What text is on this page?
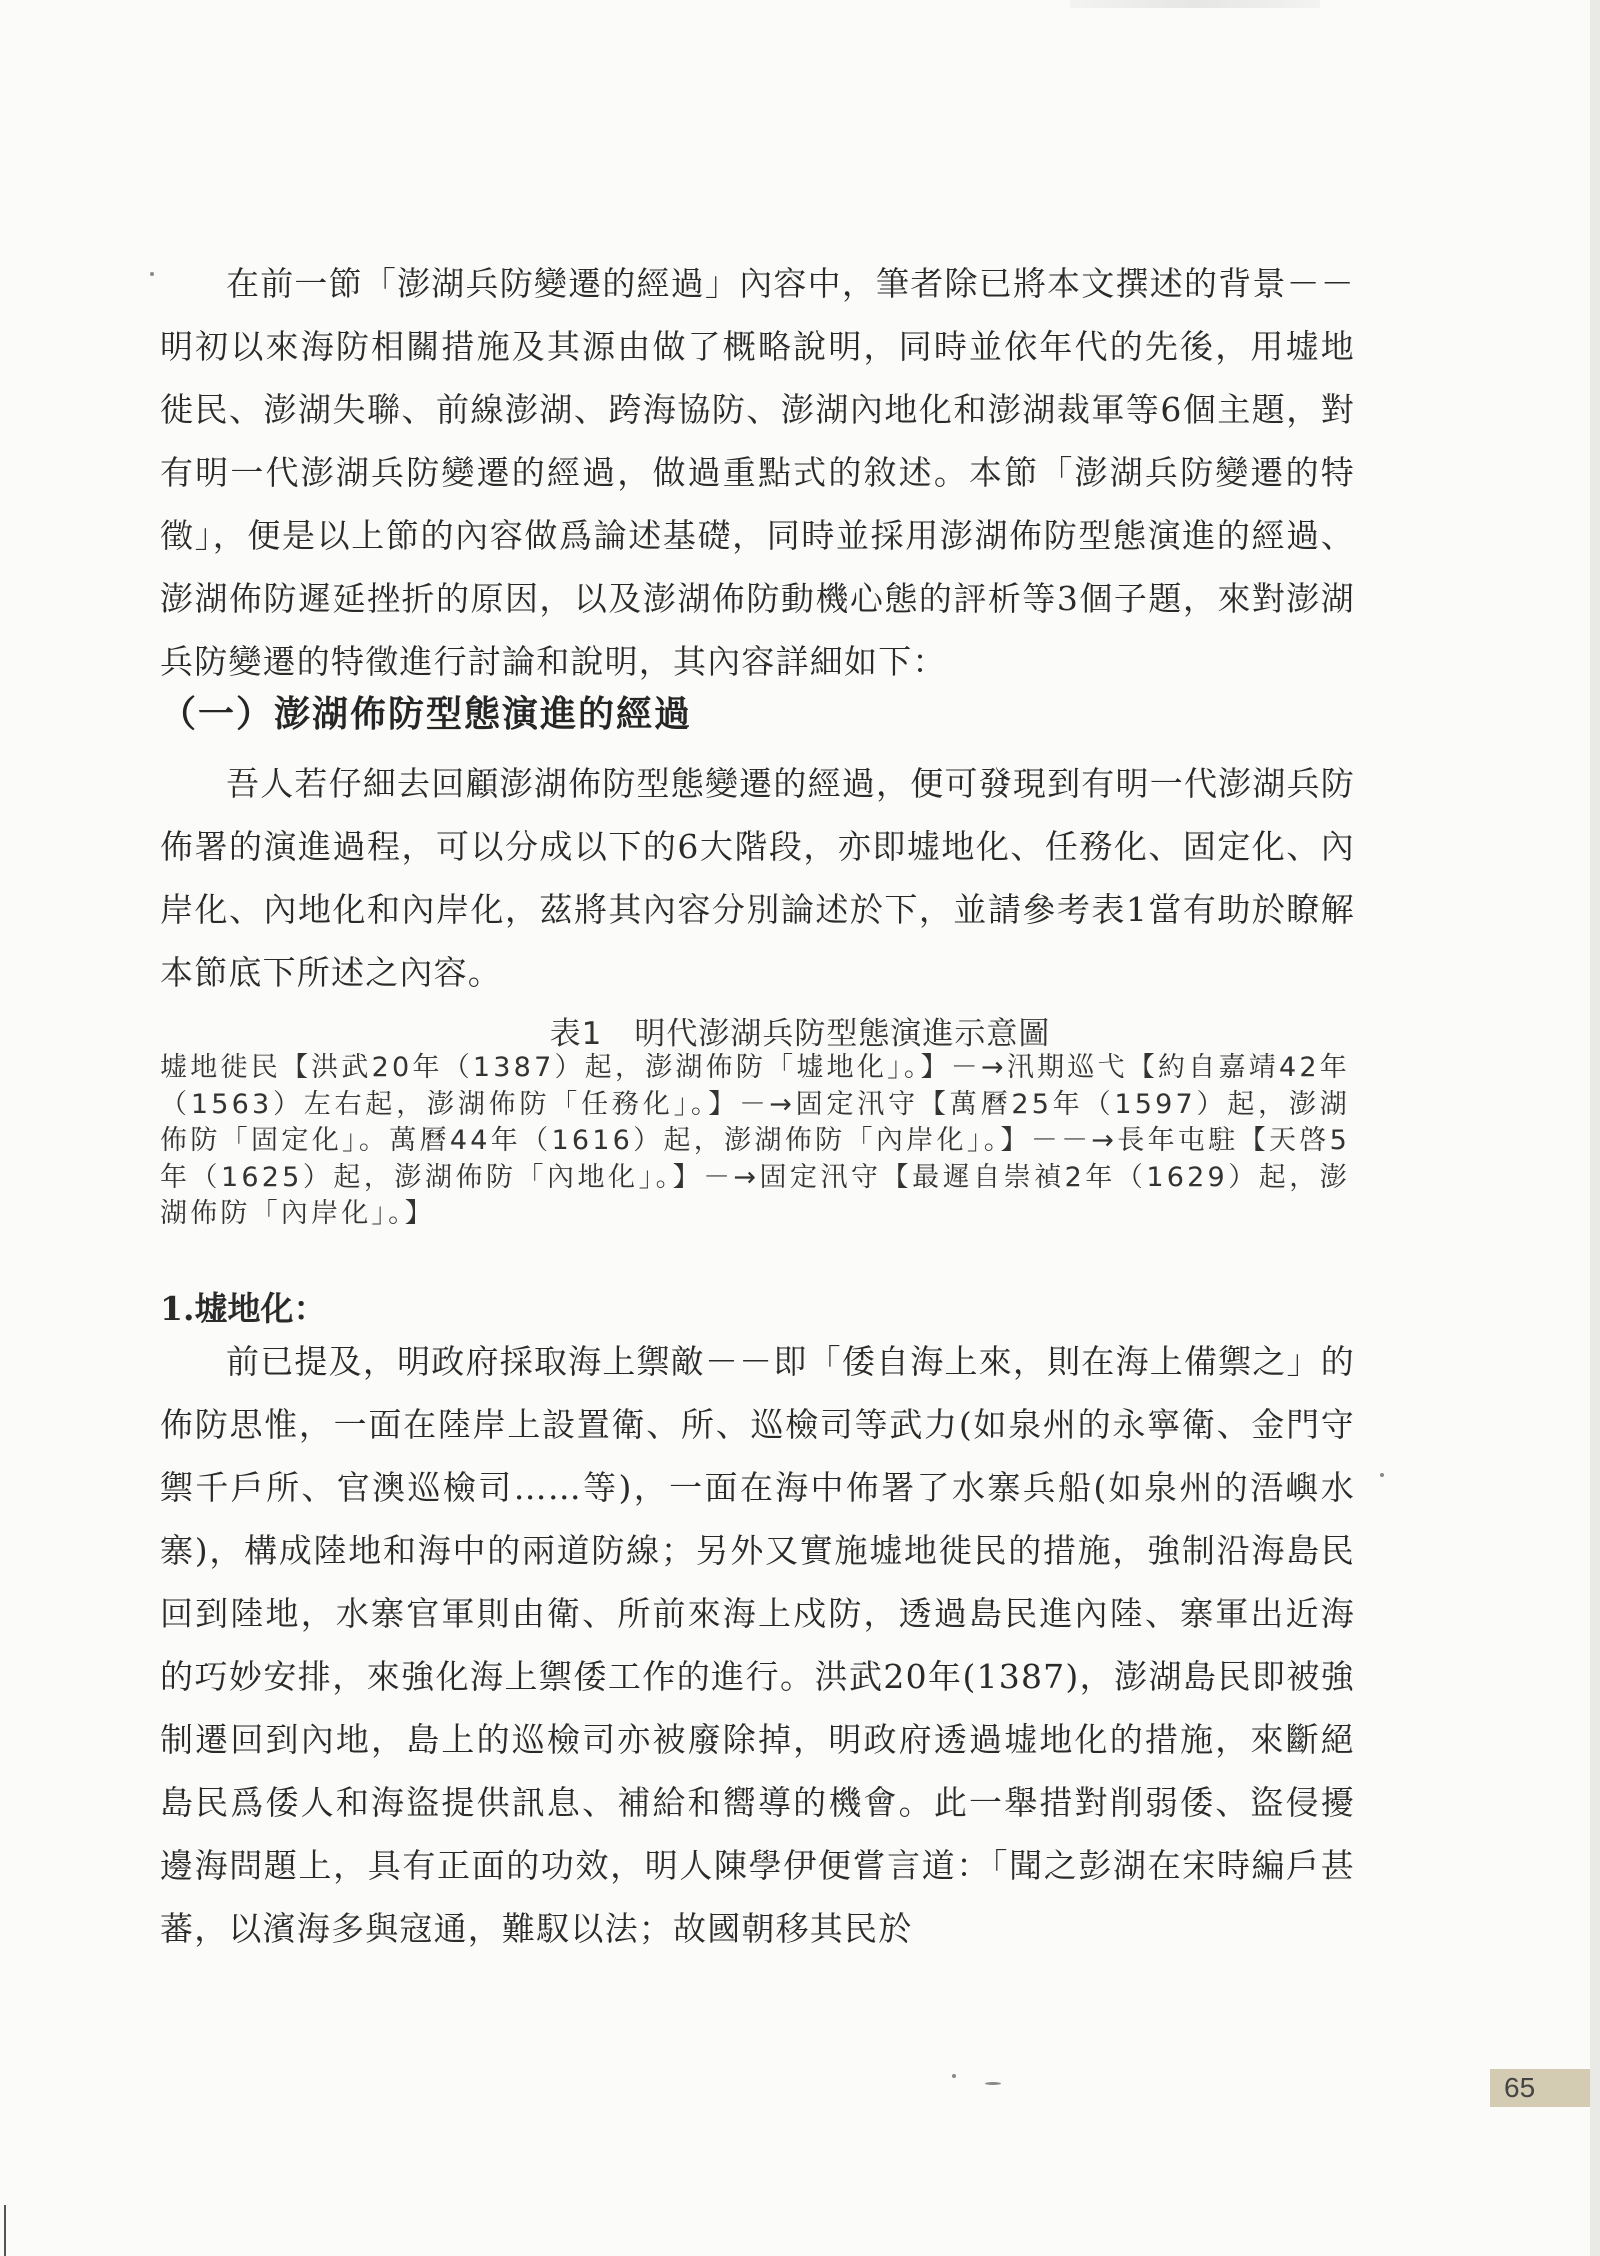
在前一節「澎湖兵防變遷的經過」內容中，筆者除已將本文撰述的背景－－明初以來海防相關措施及其源由做了概略說明，同時並依年代的先後，用墟地徙民、澎湖失聯、前線澎湖、跨海協防、澎湖內地化和澎湖裁軍等6個主題，對有明一代澎湖兵防變遷的經過，做過重點式的敘述。本節「澎湖兵防變遷的特徵」，便是以上節的內容做爲論述基礎，同時並採用澎湖佈防型態演進的經過、澎湖佈防遲延挫折的原因，以及澎湖佈防動機心態的評析等3個子題，來對澎湖兵防變遷的特徵進行討論和說明，其內容詳細如下：

（一）澎湖佈防型態演進的經過

吾人若仔細去回顧澎湖佈防型態變遷的經過，便可發現到有明一代澎湖兵防佈署的演進過程，可以分成以下的6大階段，亦即墟地化、任務化、固定化、內岸化、內地化和內岸化，茲將其內容分別論述於下，並請參考表1當有助於瞭解本節底下所述之內容。

表1　明代澎湖兵防型態演進示意圖

墟地徙民【洪武20年（1387）起，澎湖佈防「墟地化」。】－→汛期巡弋【約自嘉靖42年（1563）左右起，澎湖佈防「任務化」。】－→固定汛守【萬曆25年（1597）起，澎湖佈防「固定化」。萬曆44年（1616）起，澎湖佈防「內岸化」。】－－→長年屯駐【天啓5年（1625）起，澎湖佈防「內地化」。】－→固定汛守【最遲自崇禎2年（1629）起，澎湖佈防「內岸化」。】

1.墟地化：

前已提及，明政府採取海上禦敵－－即「倭自海上來，則在海上備禦之」的佈防思惟，一面在陸岸上設置衛、所、巡檢司等武力(如泉州的永寧衛、金門守禦千戶所、官澳巡檢司……等)，一面在海中佈署了水寨兵船(如泉州的浯嶼水寨)，構成陸地和海中的兩道防線；另外又實施墟地徙民的措施，強制沿海島民回到陸地，水寨官軍則由衛、所前來海上戍防，透過島民進內陸、寨軍出近海的巧妙安排，來強化海上禦倭工作的進行。洪武20年(1387)，澎湖島民即被強制遷回到內地，島上的巡檢司亦被廢除掉，明政府透過墟地化的措施，來斷絕島民爲倭人和海盜提供訊息、補給和嚮導的機會。此一舉措對削弱倭、盜侵擾邊海問題上，具有正面的功效，明人陳學伊便嘗言道：「聞之彭湖在宋時編戶甚蕃，以濱海多與寇通，難馭以法；故國朝移其民於

65
